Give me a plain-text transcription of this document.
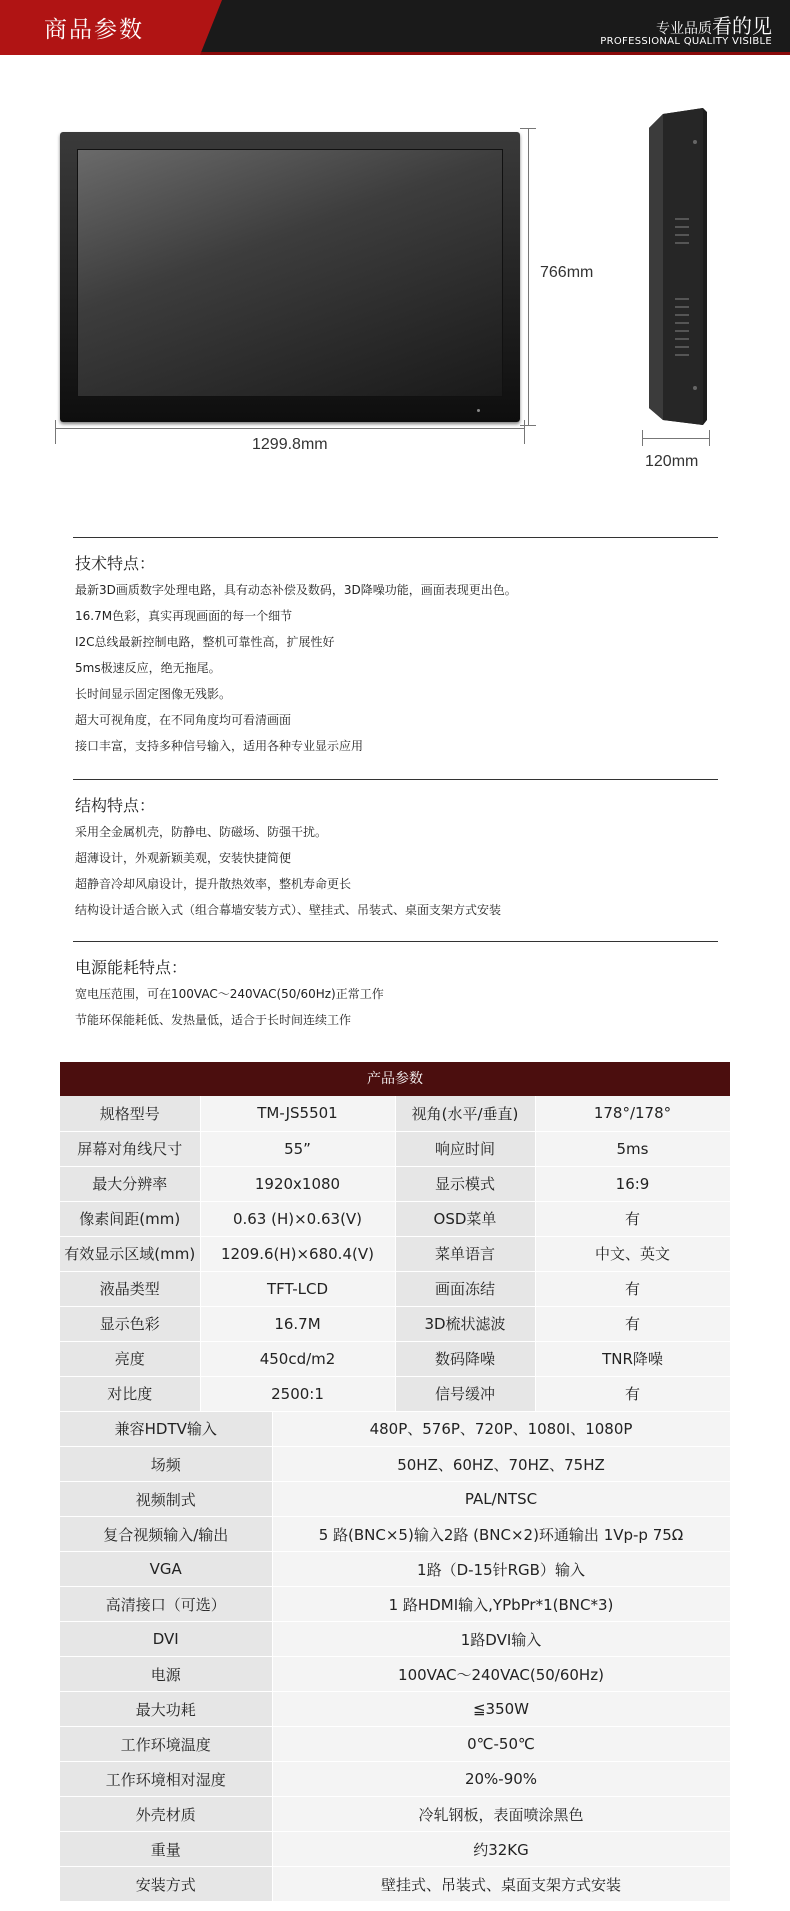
商品参数	专业品质看的见
PROFESSIONAL QUALITY VISIBLE
1299.8mm
766mm
120mm
技术特点：
最新3D画质数字处理电路，具有动态补偿及数码，3D降噪功能，画面表现更出色。
16.7M色彩，真实再现画面的每一个细节
I2C总线最新控制电路，整机可靠性高，扩展性好
5ms极速反应，绝无拖尾。
长时间显示固定图像无残影。
超大可视角度，在不同角度均可看清画面
接口丰富，支持多种信号输入，适用各种专业显示应用
结构特点：
采用全金属机壳，防静电、防磁场、防强干扰。
超薄设计，外观新颖美观，安装快捷简便
超静音冷却风扇设计，提升散热效率，整机寿命更长
结构设计适合嵌入式（组合幕墙安装方式）、壁挂式、吊装式、桌面支架方式安装
电源能耗特点：
宽电压范围，可在100VAC～240VAC(50/60Hz)正常工作
节能环保能耗低、发热量低，适合于长时间连续工作
产品参数
规格型号	TM-JS5501	视角(水平/垂直)	178°/178°
屏幕对角线尺寸	55”	响应时间	5ms
最大分辨率	1920x1080	显示模式	16:9
像素间距(mm)	0.63 (H)×0.63(V)	OSD菜单	有
有效显示区域(mm)	1209.6(H)×680.4(V)	菜单语言	中文、英文
液晶类型	TFT-LCD	画面冻结	有
显示色彩	16.7M	3D梳状滤波	有
亮度	450cd/m2	数码降噪	TNR降噪
对比度	2500:1	信号缓冲	有
兼容HDTV输入	480P、576P、720P、1080I、1080P
场频	50HZ、60HZ、70HZ、75HZ
视频制式	PAL/NTSC
复合视频输入/输出	5 路(BNC×5)输入2路 (BNC×2)环通输出 1Vp-p 75Ω
VGA	1路（D-15针RGB）输入
高清接口（可选）	1 路HDMI输入,YPbPr*1(BNC*3)
DVI	1路DVI输入
电源	100VAC～240VAC(50/60Hz)
最大功耗	≦350W
工作环境温度	0℃-50℃
工作环境相对湿度	20%-90%
外壳材质	冷轧钢板，表面喷涂黑色
重量	约32KG
安装方式	壁挂式、吊装式、桌面支架方式安装
